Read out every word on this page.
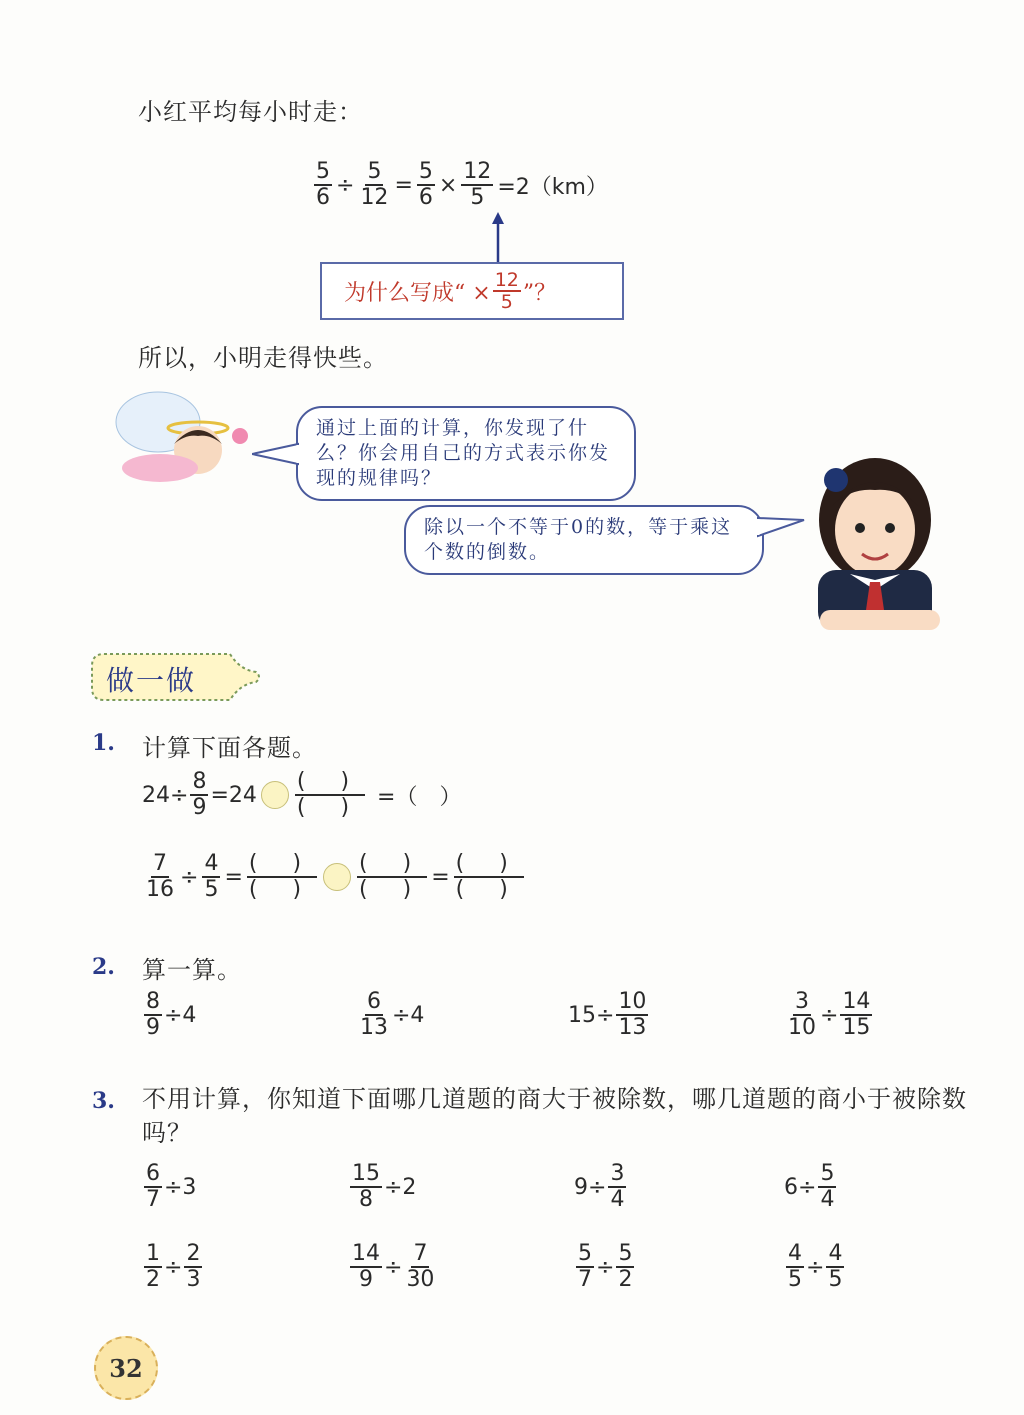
小红平均每小时走：
$\frac{5}{6} \div \frac{5}{12} = \frac{5}{6} \times \frac{12}{5} =2(km)$
为什么写成“ × $\frac{12}{5}$ ”？
所以，小明走得快些。
通过上面的计算，你发现了什么？你会用自己的方式表示你发现的规律吗？
除以一个不等于0的数，等于乘这个数的倒数。
做一做
1. 计算下面各题。
$24\div \frac{8}{9} =24 \frac{( )}{( )}$ =（　）
$\frac{7}{16} \div \frac{4}{5} = \frac{( )}{( )} \frac{( )}{( )} = \frac{( )}{( )}$
2. 算一算。
$\frac{8}{9} \div 4$	$\frac{6}{13} \div 4$	$15\div \frac{10}{13}$	$\frac{3}{10} \div \frac{14}{15}$
3. 不用计算，你知道下面哪几道题的商大于被除数，哪几道题的商小于被除数吗？
$\frac{6}{7} \div 3$	$\frac{15}{8} \div 2$	$9\div \frac{3}{4}$	$6\div \frac{5}{4}$
$\frac{1}{2} \div \frac{2}{3}$	$\frac{14}{9} \div \frac{7}{30}$	$\frac{5}{7} \div \frac{5}{2}$	$\frac{4}{5} \div \frac{4}{5}$
32
